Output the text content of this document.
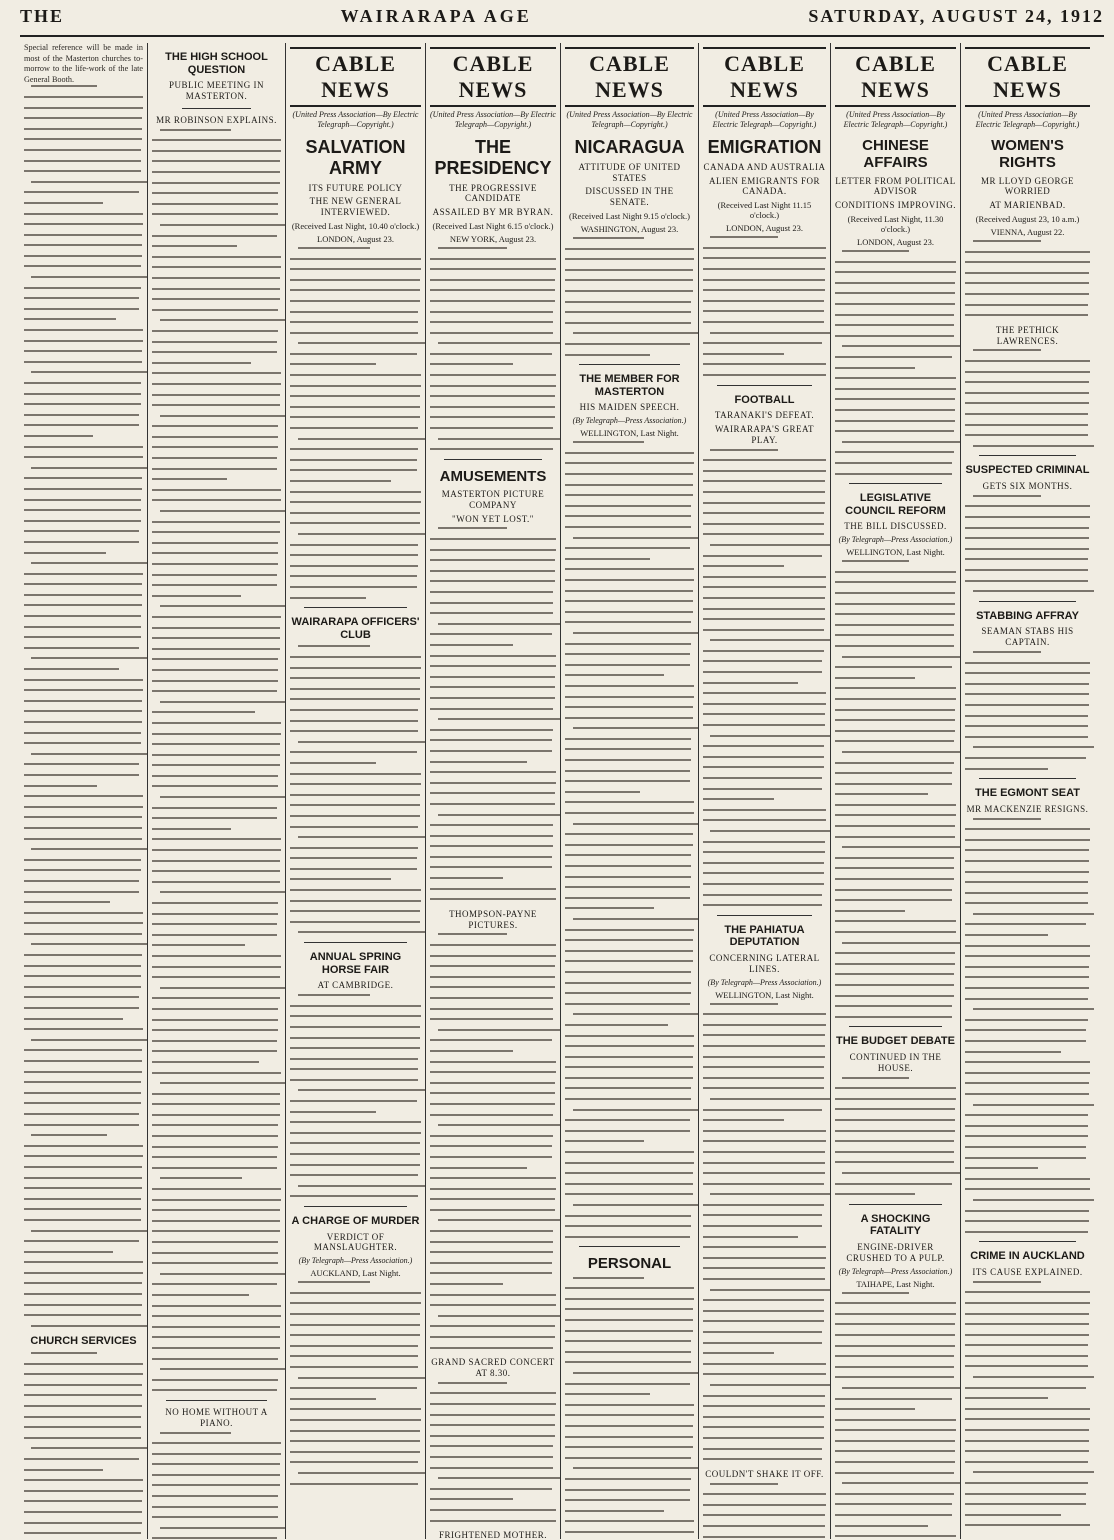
THE	WAIRARAPA AGE	SATURDAY, AUGUST 24, 1912

Special reference will be made in most of the Masterton churches to-morrow to the life-work of the late General Booth.

CHURCH SERVICES
THE HIGH SCHOOL QUESTION
PUBLIC MEETING IN MASTERTON.
MR ROBINSON EXPLAINS.
NO HOME WITHOUT A PIANO.
CABLE NEWS
(United Press Association—By Electric Telegraph—Copyright.)
SALVATION ARMY
ITS FUTURE POLICY
THE NEW GENERAL INTERVIEWED.
(Received Last Night, 10.40 o'clock.)
LONDON, August 23.
WAIRARAPA OFFICERS' CLUB
ANNUAL SPRING HORSE FAIR
AT CAMBRIDGE.
A CHARGE OF MURDER
VERDICT OF MANSLAUGHTER.
(By Telegraph—Press Association.)
AUCKLAND, Last Night.
CABLE NEWS
(United Press Association—By Electric Telegraph—Copyright.)
THE PRESIDENCY
THE PROGRESSIVE CANDIDATE
ASSAILED BY MR BYRAN.
(Received Last Night 6.15 o'clock.)
NEW YORK, August 23.
AMUSEMENTS
MASTERTON PICTURE COMPANY
"WON YET LOST."
THOMPSON-PAYNE PICTURES.
GRAND SACRED CONCERT AT 8.30.
FRIGHTENED MOTHER.
CABLE NEWS
(United Press Association—By Electric Telegraph—Copyright.)
NICARAGUA
ATTITUDE OF UNITED STATES
DISCUSSED IN THE SENATE.
(Received Last Night 9.15 o'clock.)
WASHINGTON, August 23.
THE MEMBER FOR MASTERTON
HIS MAIDEN SPEECH.
(By Telegraph—Press Association.)
WELLINGTON, Last Night.
PERSONAL
CABLE NEWS
(United Press Association—By Electric Telegraph—Copyright.)
EMIGRATION
CANADA AND AUSTRALIA
ALIEN EMIGRANTS FOR CANADA.
(Received Last Night 11.15 o'clock.)
LONDON, August 23.
FOOTBALL
TARANAKI'S DEFEAT.
WAIRARAPA'S GREAT PLAY.
THE PAHIATUA DEPUTATION
CONCERNING LATERAL LINES.
(By Telegraph—Press Association.)
WELLINGTON, Last Night.
COULDN'T SHAKE IT OFF.
CABLE NEWS
(United Press Association—By Electric Telegraph—Copyright.)
CHINESE AFFAIRS
LETTER FROM POLITICAL ADVISOR
CONDITIONS IMPROVING.
(Received Last Night, 11.30 o'clock.)
LONDON, August 23.
LEGISLATIVE COUNCIL REFORM
THE BILL DISCUSSED.
(By Telegraph—Press Association.)
WELLINGTON, Last Night.
THE BUDGET DEBATE
CONTINUED IN THE HOUSE.
A SHOCKING FATALITY
ENGINE-DRIVER CRUSHED TO A PULP.
(By Telegraph—Press Association.)
TAIHAPE, Last Night.
CABLE NEWS
(United Press Association—By Electric Telegraph—Copyright.)
WOMEN'S RIGHTS
MR LLOYD GEORGE WORRIED
AT MARIENBAD.
(Received August 23, 10 a.m.)
VIENNA, August 22.
THE PETHICK LAWRENCES.
SUSPECTED CRIMINAL
GETS SIX MONTHS.
STABBING AFFRAY
SEAMAN STABS HIS CAPTAIN.
THE EGMONT SEAT
MR MACKENZIE RESIGNS.
CRIME IN AUCKLAND
ITS CAUSE EXPLAINED.
